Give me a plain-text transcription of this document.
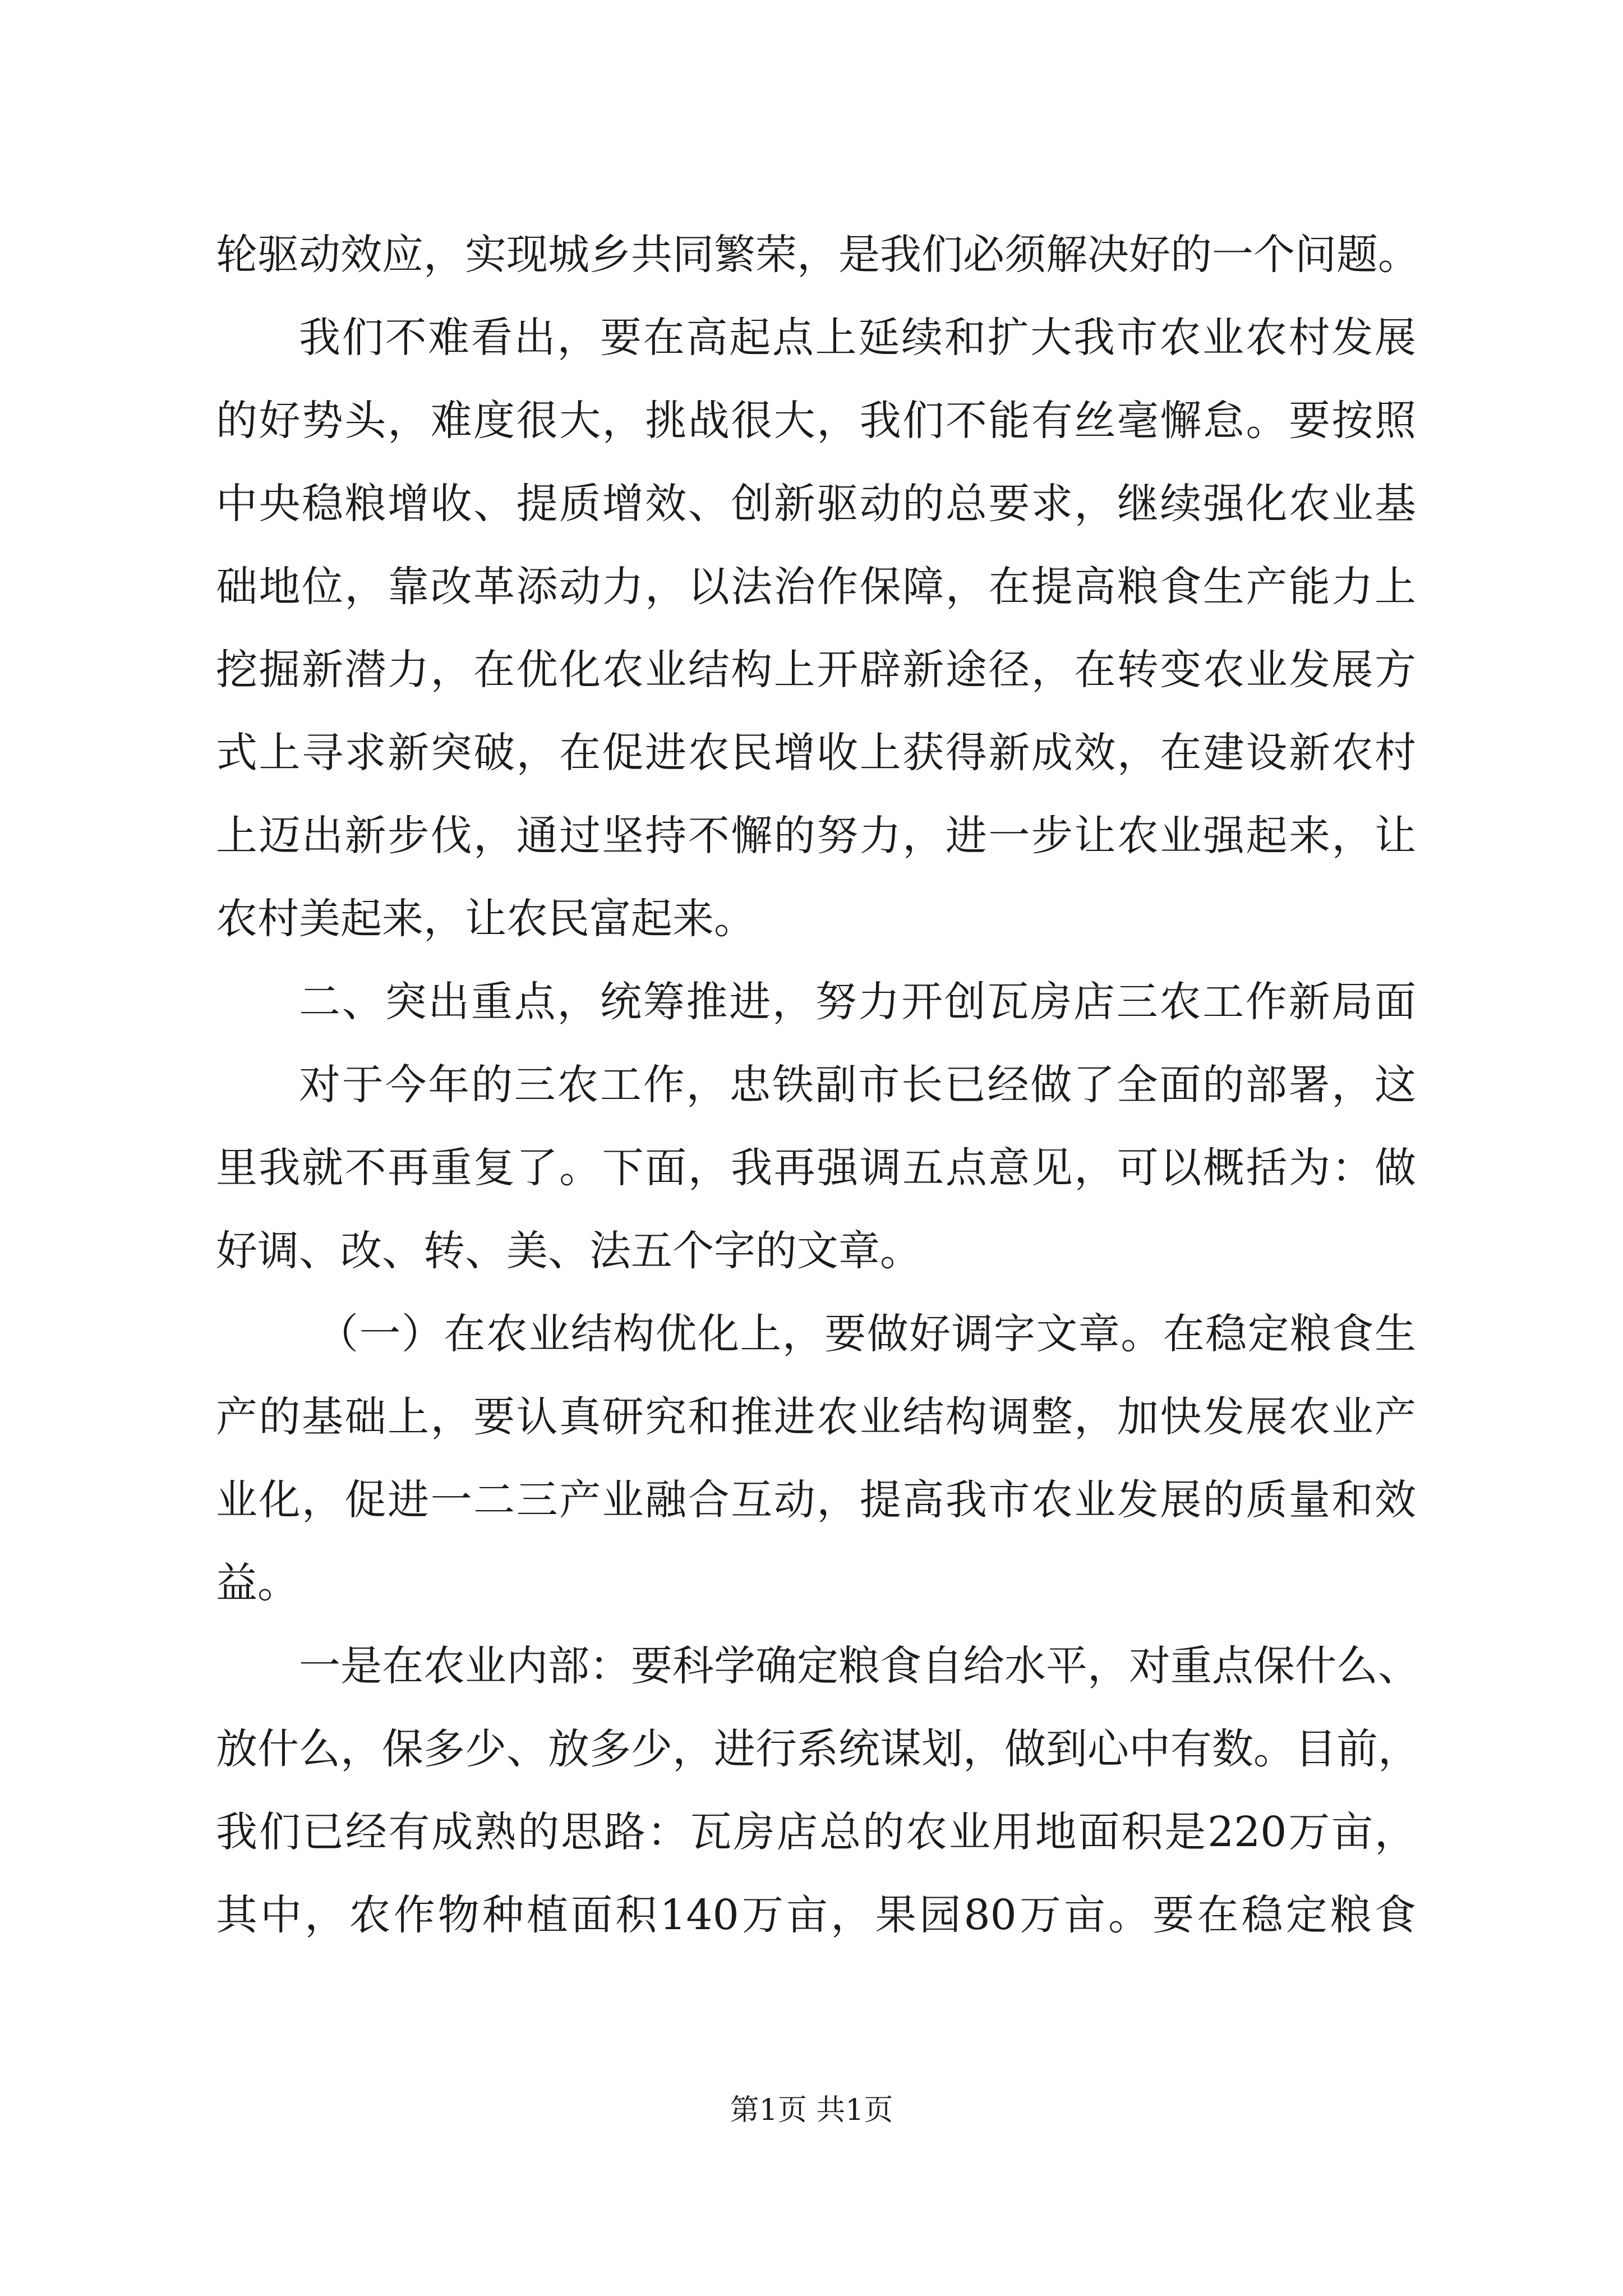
轮驱动效应，实现城乡共同繁荣，是我们必须解决好的一个问题。
我们不难看出，要在高起点上延续和扩大我市农业农村发展
的好势头，难度很大，挑战很大，我们不能有丝毫懈怠。要按照
中央稳粮增收、提质增效、创新驱动的总要求，继续强化农业基
础地位，靠改革添动力，以法治作保障，在提高粮食生产能力上
挖掘新潜力，在优化农业结构上开辟新途径，在转变农业发展方
式上寻求新突破，在促进农民增收上获得新成效，在建设新农村
上迈出新步伐，通过坚持不懈的努力，进一步让农业强起来，让
农村美起来，让农民富起来。
二、突出重点，统筹推进，努力开创瓦房店三农工作新局面
对于今年的三农工作，忠铁副市长已经做了全面的部署，这
里我就不再重复了。下面，我再强调五点意见，可以概括为：做
好调、改、转、美、法五个字的文章。
（一）在农业结构优化上，要做好调字文章。在稳定粮食生
产的基础上，要认真研究和推进农业结构调整，加快发展农业产
业化，促进一二三产业融合互动，提高我市农业发展的质量和效
益。
一是在农业内部：要科学确定粮食自给水平，对重点保什么、
放什么，保多少、放多少，进行系统谋划，做到心中有数。目前，
我们已经有成熟的思路：瓦房店总的农业用地面积是220万亩，
其中，农作物种植面积140万亩，果园80万亩。要在稳定粮食
第1页 共1页
